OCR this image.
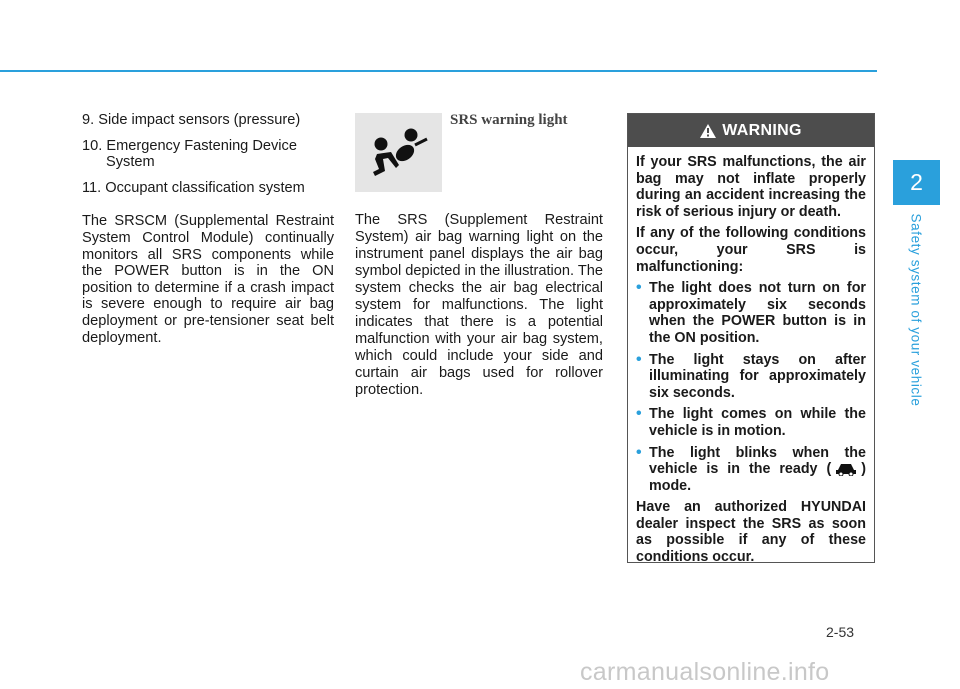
9. Side impact sensors (pressure)
10. Emergency Fastening Device System
11. Occupant classification system
The SRSCM (Supplemental Restraint System Control Module) continually monitors all SRS components while the POWER button is in the ON position to determine if a crash impact is severe enough to require air bag deployment or pre-tensioner seat belt deployment.
SRS warning light
The SRS (Supplement Restraint System) air bag warning light on the instrument panel displays the air bag symbol depicted in the illustration. The system checks the air bag electrical system for malfunctions. The light indicates that there is a potential malfunction with your air bag system, which could include your side and curtain air bags used for rollover protection.
WARNING

If your SRS malfunctions, the air bag may not inflate properly during an accident increasing the risk of serious injury or death.

If any of the following conditions occur, your SRS is malfunctioning:

• The light does not turn on for approximately six seconds when the POWER button is in the ON position.
• The light stays on after illuminating for approximately six seconds.
• The light comes on while the vehicle is in motion.
• The light blinks when the vehicle is in the ready ( ) mode.

Have an authorized HYUNDAI dealer inspect the SRS as soon as possible if any of these conditions occur.

2
Safety system of your vehicle
2-53
carmanualsonline.info
